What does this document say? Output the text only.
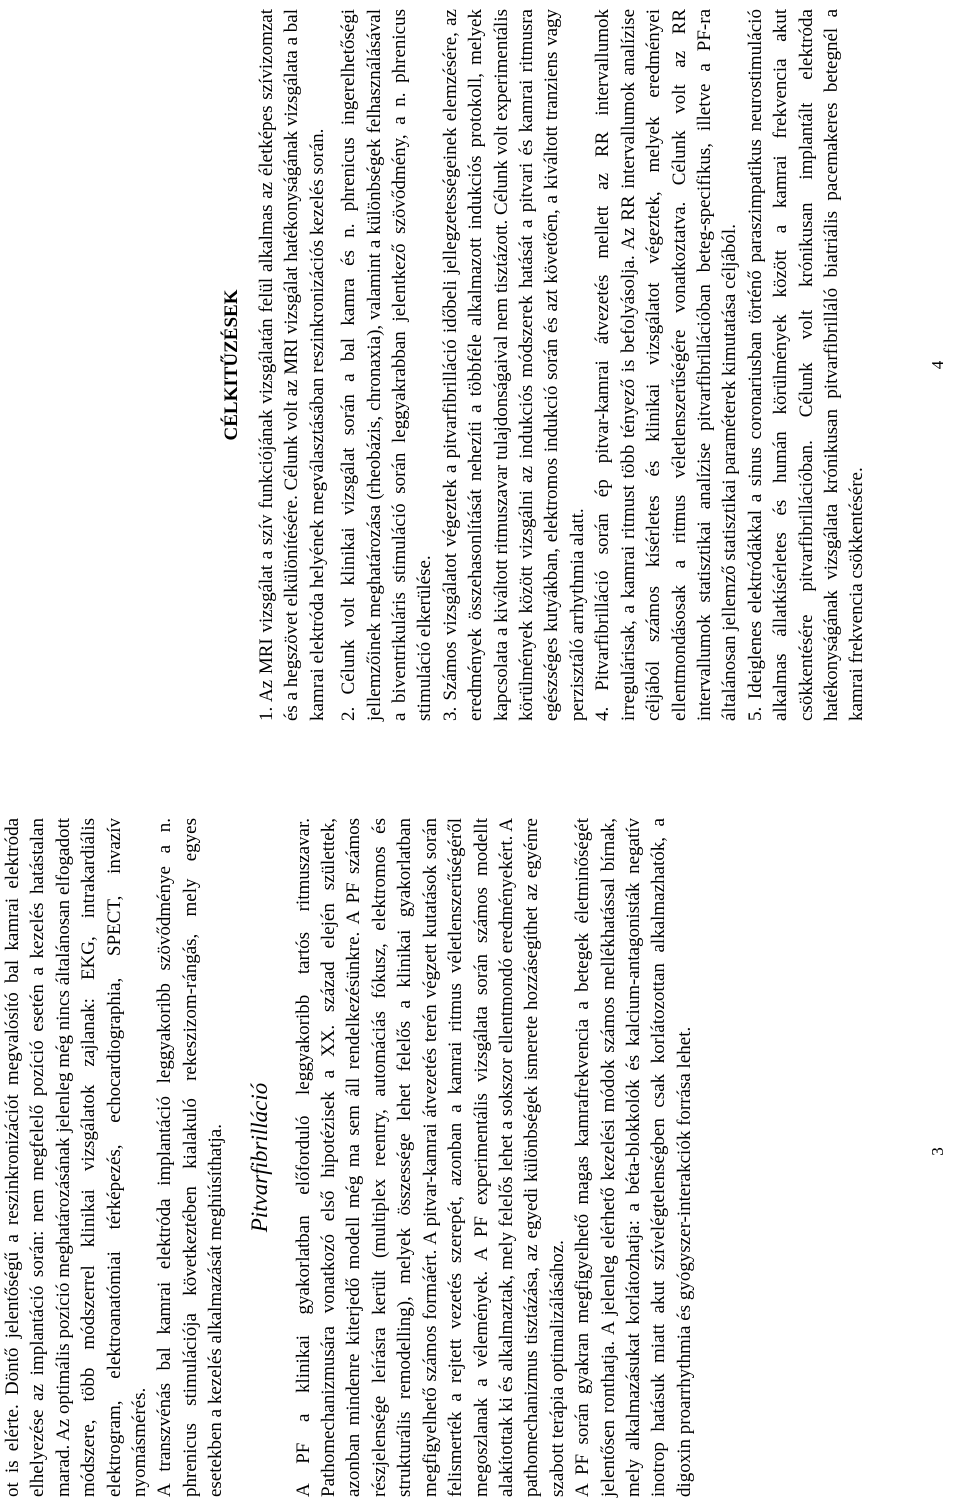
ot is elérte. Döntő jelentőségű a reszinkronizációt megvalósító bal kamrai elektróda elhelyezése az implantáció során: nem megfelelő pozíció esetén a kezelés hatástalan marad. Az optimális pozíció meghatározásának jelenleg még nincs általánosan elfogadott módszere, több módszerrel klinikai vizsgálatok zajlanak: EKG, intrakardiális elektrogram, elektroanatómiai térképezés, echocardiographia, SPECT, invazív nyomásmérés. A transzvénás bal kamrai elektróda implantáció leggyakoribb szövődménye a n. phrenicus stimulációja következtében kialakuló rekeszizom-rángás, mely egyes esetekben a kezelés alkalmazását meghiúsíthatja. Pitvarfibrilláció	A PF a klinikai gyakorlatban előforduló leggyakoribb tartós ritmuszavar. Pathomechanizmusára vonatkozó első hipotézisek a XX. század elején születtek, azonban mindenre kiterjedő modell még ma sem áll rendelkezésünkre. A PF számos részjelensége leírásra került (multiplex reentry, automáciás fókusz, elektromos és strukturális remodelling), melyek összessége lehet felelős a klinikai gyakorlatban megfigyelhető számos formáért. A pitvar-kamrai átvezetés terén végzett kutatások során felismerték a rejtett vezetés szerepét, azonban a kamrai ritmus véletlenszerűségéről megoszlanak a vélemények. A PF experimentális vizsgálata során számos modellt alakítottak ki és alkalmaztak, mely felelős lehet a sokszor ellentmondó eredményekért. A pathomechanizmus tisztázása, az egyedi különbségek ismerete hozzásegíthet az egyénre szabott terápia optimalizálásához. A PF során gyakran megfigyelhető magas kamrafrekvencia a betegek életminőségét jelentősen ronthatja. A jelenleg elérhető kezelési módok számos mellékhatással bírnak, mely alkalmazásukat korlátozhatja: a béta-blokkolók és kalcium-antagonisták negatív inotrop hatásuk miatt akut szívelégtelenségben csak korlátozottan alkalmazhatók, a digoxin proarrhythmia és gyógyszer-interakciók forrása lehet.	3
CÉLKITŰZÉSEK 1. Az MRI vizsgálat a szív funkciójának vizsgálatán felül alkalmas az életképes szívizomzat és a hegszövet elkülönítésére. Célunk volt az MRI vizsgálat hatékonyságának vizsgálata a bal kamrai elektróda helyének megválasztásában reszinkronizációs kezelés során. 2. Célunk volt klinikai vizsgálat során a bal kamra és n. phrenicus ingerelhetőségi jellemzőinek meghatározása (rheobázis, chronaxia), valamint a különbségek felhasználásával a biventrikuláris stimuláció során leggyakrabban jelentkező szövődmény, a n. phrenicus stimuláció elkerülése. 3. Számos vizsgálatot végeztek a pitvarfibrilláció időbeli jellegzetességeinek elemzésére, az eredmények összehasonlítását nehezíti a többféle alkalmazott indukciós protokoll, melyek kapcsolata a kiváltott ritmuszavar tulajdonságaival nem tisztázott. Célunk volt experimentális körülmények között vizsgálni az indukciós módszerek hatását a pitvari és kamrai ritmusra egészséges kutyákban, elektromos indukció során és azt követően, a kiváltott tranziens vagy perzisztáló arrhythmia alatt. 4. Pitvarfibrilláció során ép pitvar-kamrai átvezetés mellett az RR intervallumok irregulárisak, a kamrai ritmust több tényező is befolyásolja. Az RR intervallumok analízise céljából számos kísérletes és klinikai vizsgálatot végeztek, melyek eredményei ellentmondásosak a ritmus véletlenszerűségére vonatkoztatva. Célunk volt az RR intervallumok statisztikai analízise pitvarfibrillációban beteg-specifikus, illetve a PF-ra általánosan jellemző statisztikai paraméterek kimutatása céljából. 5. Ideiglenes elektródákkal a sinus coronariusban történő paraszimpatikus neurostimuláció alkalmas állatkísérletes és humán körülmények között a kamrai frekvencia akut csökkentésére pitvarfibrillációban. Célunk volt krónikusan implantált elektróda hatékonyságának vizsgálata krónikusan pitvarfibrilláló biatriális pacemakeres betegnél a kamrai frekvencia csökkentésére.

4
